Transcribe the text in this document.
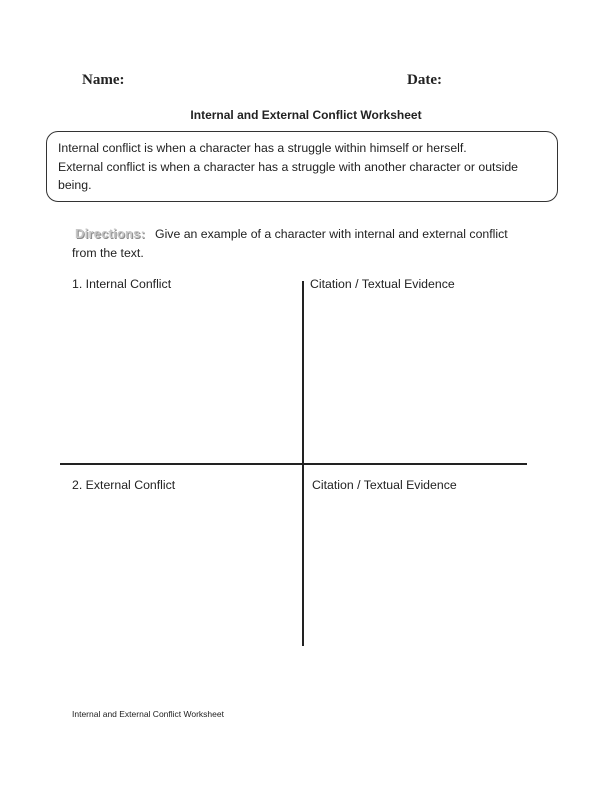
Name:	Date:
Internal and External Conflict Worksheet
Internal conflict is when a character has a struggle within himself or herself.
External conflict is when a character has a struggle with another character or outside
being.
Directions: Give an example of a character with internal and external conflict
from the text.
1. Internal Conflict	Citation / Textual Evidence
2. External Conflict	Citation / Textual Evidence
Internal and External Conflict Worksheet
